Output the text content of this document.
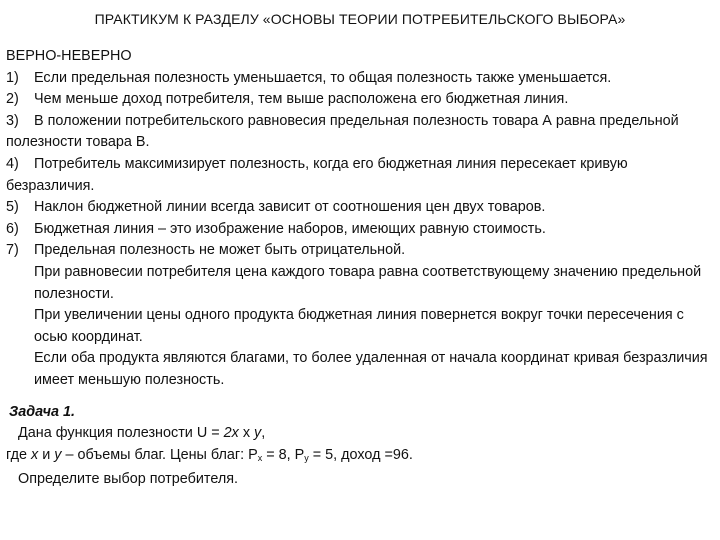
ПРАКТИКУМ К РАЗДЕЛУ «ОСНОВЫ ТЕОРИИ ПОТРЕБИТЕЛЬСКОГО ВЫБОРА»
ВЕРНО-НЕВЕРНО
1) Если предельная полезность уменьшается, то общая полезность также уменьшается.
2) Чем меньше доход потребителя, тем выше расположена его бюджетная линия.
3) В положении потребительского равновесия предельная полезность товара А равна предельной полезности товара В.
4) Потребитель максимизирует полезность, когда его бюджетная линия пересекает кривую безразличия.
5) Наклон бюджетной линии всегда зависит от соотношения цен двух товаров.
6) Бюджетная линия – это изображение наборов, имеющих равную стоимость.
7) Предельная полезность не может быть отрицательной.
При равновесии потребителя цена каждого товара равна соответствующему значению предельной полезности.
При увеличении цены одного продукта бюджетная линия повернется вокруг точки пересечения с осью координат.
Если оба продукта являются благами, то более удаленная от начала координат кривая безразличия имеет меньшую полезность.
Задача 1.
Дана функция полезности U = 2x х y,
где x и y – объемы благ. Цены благ: $P_x = 8$, $P_y = 5$, доход =96.
Определите выбор потребителя.
